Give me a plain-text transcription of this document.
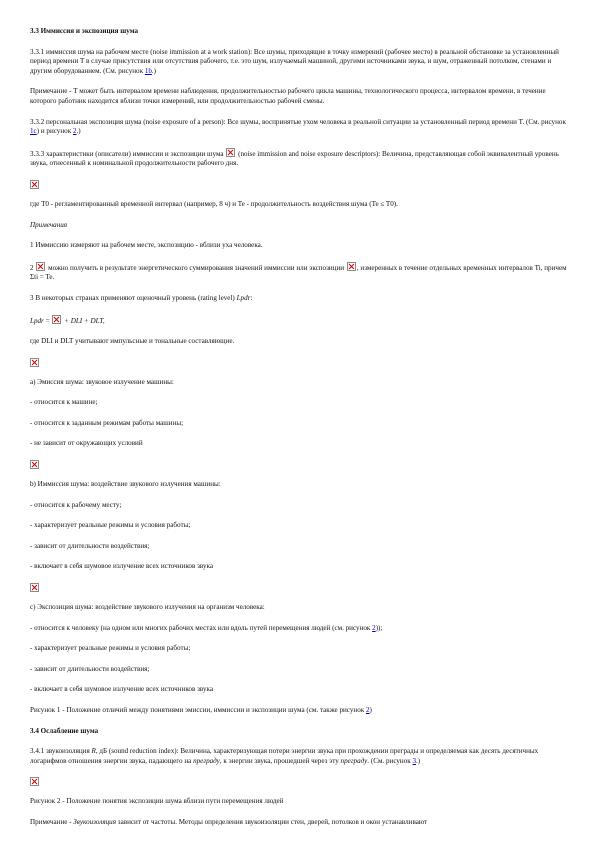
3.3 Иммиссия и экспозиция шума

3.3.1 иммиссия шума на рабочем месте (noise immission at a work station): Все шумы, приходящие в точку измерений (рабочее место) в реальной обстановке за установленный период времени T в случае присутствия или отсутствия рабочего, т.е. это шум, излучаемый машиной, другими источниками звука, и шум, отраженный потолком, стенами и другим оборудованием. (См. рисунок 1b.)

Примечание - T может быть интервалом времени наблюдения, продолжительностью рабочего цикла машины, технологического процесса, интервалом времени, в течение которого работник находится вблизи точки измерений, или продолжительностью рабочей смены.

3.3.2 персональная экспозиция шума (noise exposure of a person): Все шумы, воспринятые ухом человека в реальной ситуации за установленный период времени T. (См. рисунок 1c) и рисунок 2.)

3.3.3 характеристики (описатели) иммиссии и экспозиции шума (noise immission and noise exposure descriptors): Величина, представляющая собой эквивалентный уровень звука, отнесенный к номинальной продолжительности рабочего дня.

где T0 - регламентированный временной интервал (например, 8 ч) и Te - продолжительность воздействия шума (Te ≤ T0).

Примечания

1 Иммиссию измеряют на рабочем месте, экспозицию - вблизи уха человека.

2 можно получить в результате энергетического суммирования значений иммиссии или экспозиции , измеренных в течение отдельных временных интервалов Ti, причем Σti = Te.

3 В некоторых странах применяют оценочный уровень (rating level) Lpdr:

Lpdr =  + DLI + DLT,

где DLI и DLT учитывают импульсные и тональные составляющие.

a) Эмиссия шума: звуковое излучение машины:

- относится к машине;

- относится к заданным режимам работы машины;

- не зависит от окружающих условий

b) Иммиссия шума: воздействие звукового излучения машины:

- относится к рабочему месту;

- характеризует реальные режимы и условия работы;

- зависит от длительности воздействия;

- включает в себя шумовое излучение всех источников звука

c) Экспозиция шума: воздействие звукового излучения на организм человека:

- относится к человеку (на одном или многих рабочих местах или вдоль путей перемещения людей (см. рисунок 2));

- характеризует реальные режимы и условия работы;

- зависит от длительности воздействия;

- включает в себя шумовое излучение всех источников звука

Рисунок 1 - Положение отличий между понятиями эмиссии, иммиссии и экспозиции шума (см. также рисунок 2)

3.4 Ослабление шума

3.4.1 звукоизоляция R, дБ (sound reduction index): Величина, характеризующая потери энергии звука при прохождении преграды и определяемая как десять десятичных логарифмов отношения энергии звука, падающего на преграду, к энергии звука, прошедшей через эту преграду. (См. рисунок 3.)

Рисунок 2 - Положение понятия экспозиции шума вблизи пути перемещения людей

Примечание - Звукоизоляция зависит от частоты. Методы определения звукоизоляции стен, дверей, потолков и окон устанавливают
